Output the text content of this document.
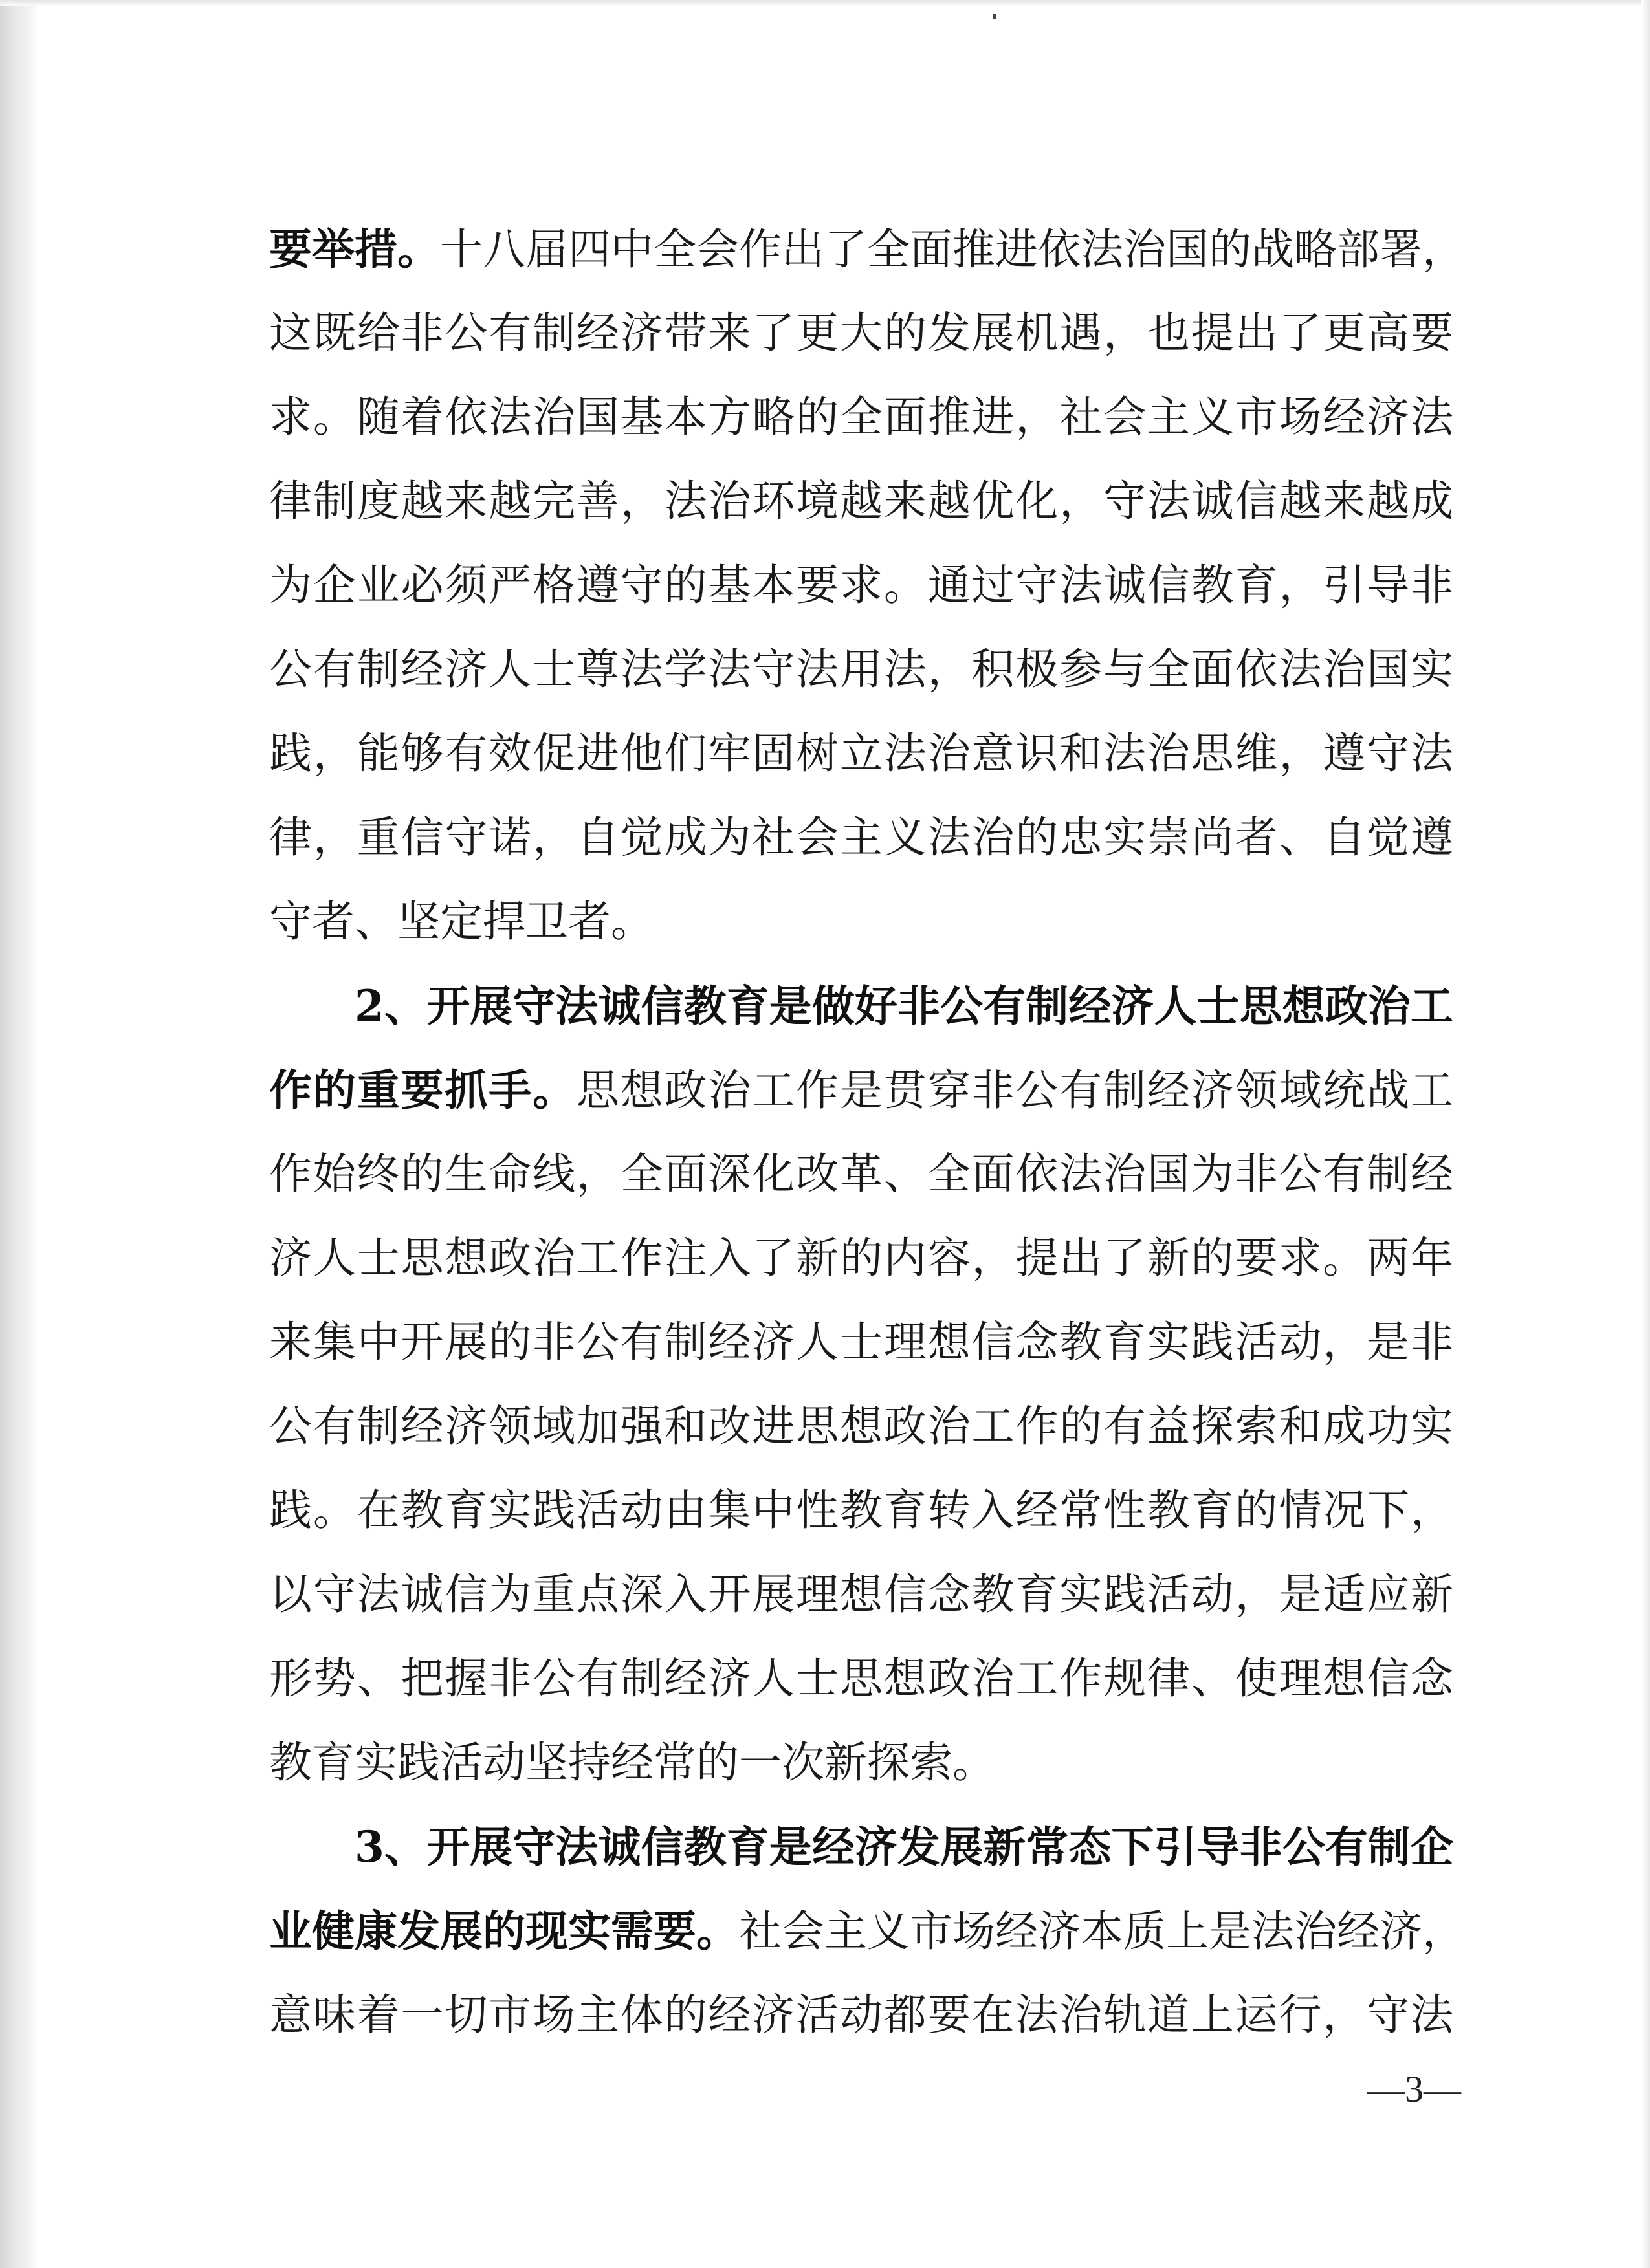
要举措。十八届四中全会作出了全面推进依法治国的战略部署，
这既给非公有制经济带来了更大的发展机遇，也提出了更高要
求。随着依法治国基本方略的全面推进，社会主义市场经济法
律制度越来越完善，法治环境越来越优化，守法诚信越来越成
为企业必须严格遵守的基本要求。通过守法诚信教育，引导非
公有制经济人士尊法学法守法用法，积极参与全面依法治国实
践，能够有效促进他们牢固树立法治意识和法治思维，遵守法
律，重信守诺，自觉成为社会主义法治的忠实崇尚者、自觉遵
守者、坚定捍卫者。
2、开展守法诚信教育是做好非公有制经济人士思想政治工
作的重要抓手。思想政治工作是贯穿非公有制经济领域统战工
作始终的生命线，全面深化改革、全面依法治国为非公有制经
济人士思想政治工作注入了新的内容，提出了新的要求。两年
来集中开展的非公有制经济人士理想信念教育实践活动，是非
公有制经济领域加强和改进思想政治工作的有益探索和成功实
践。在教育实践活动由集中性教育转入经常性教育的情况下，
以守法诚信为重点深入开展理想信念教育实践活动，是适应新
形势、把握非公有制经济人士思想政治工作规律、使理想信念
教育实践活动坚持经常的一次新探索。
3、开展守法诚信教育是经济发展新常态下引导非公有制企
业健康发展的现实需要。社会主义市场经济本质上是法治经济，
意味着一切市场主体的经济活动都要在法治轨道上运行，守法
—3—
